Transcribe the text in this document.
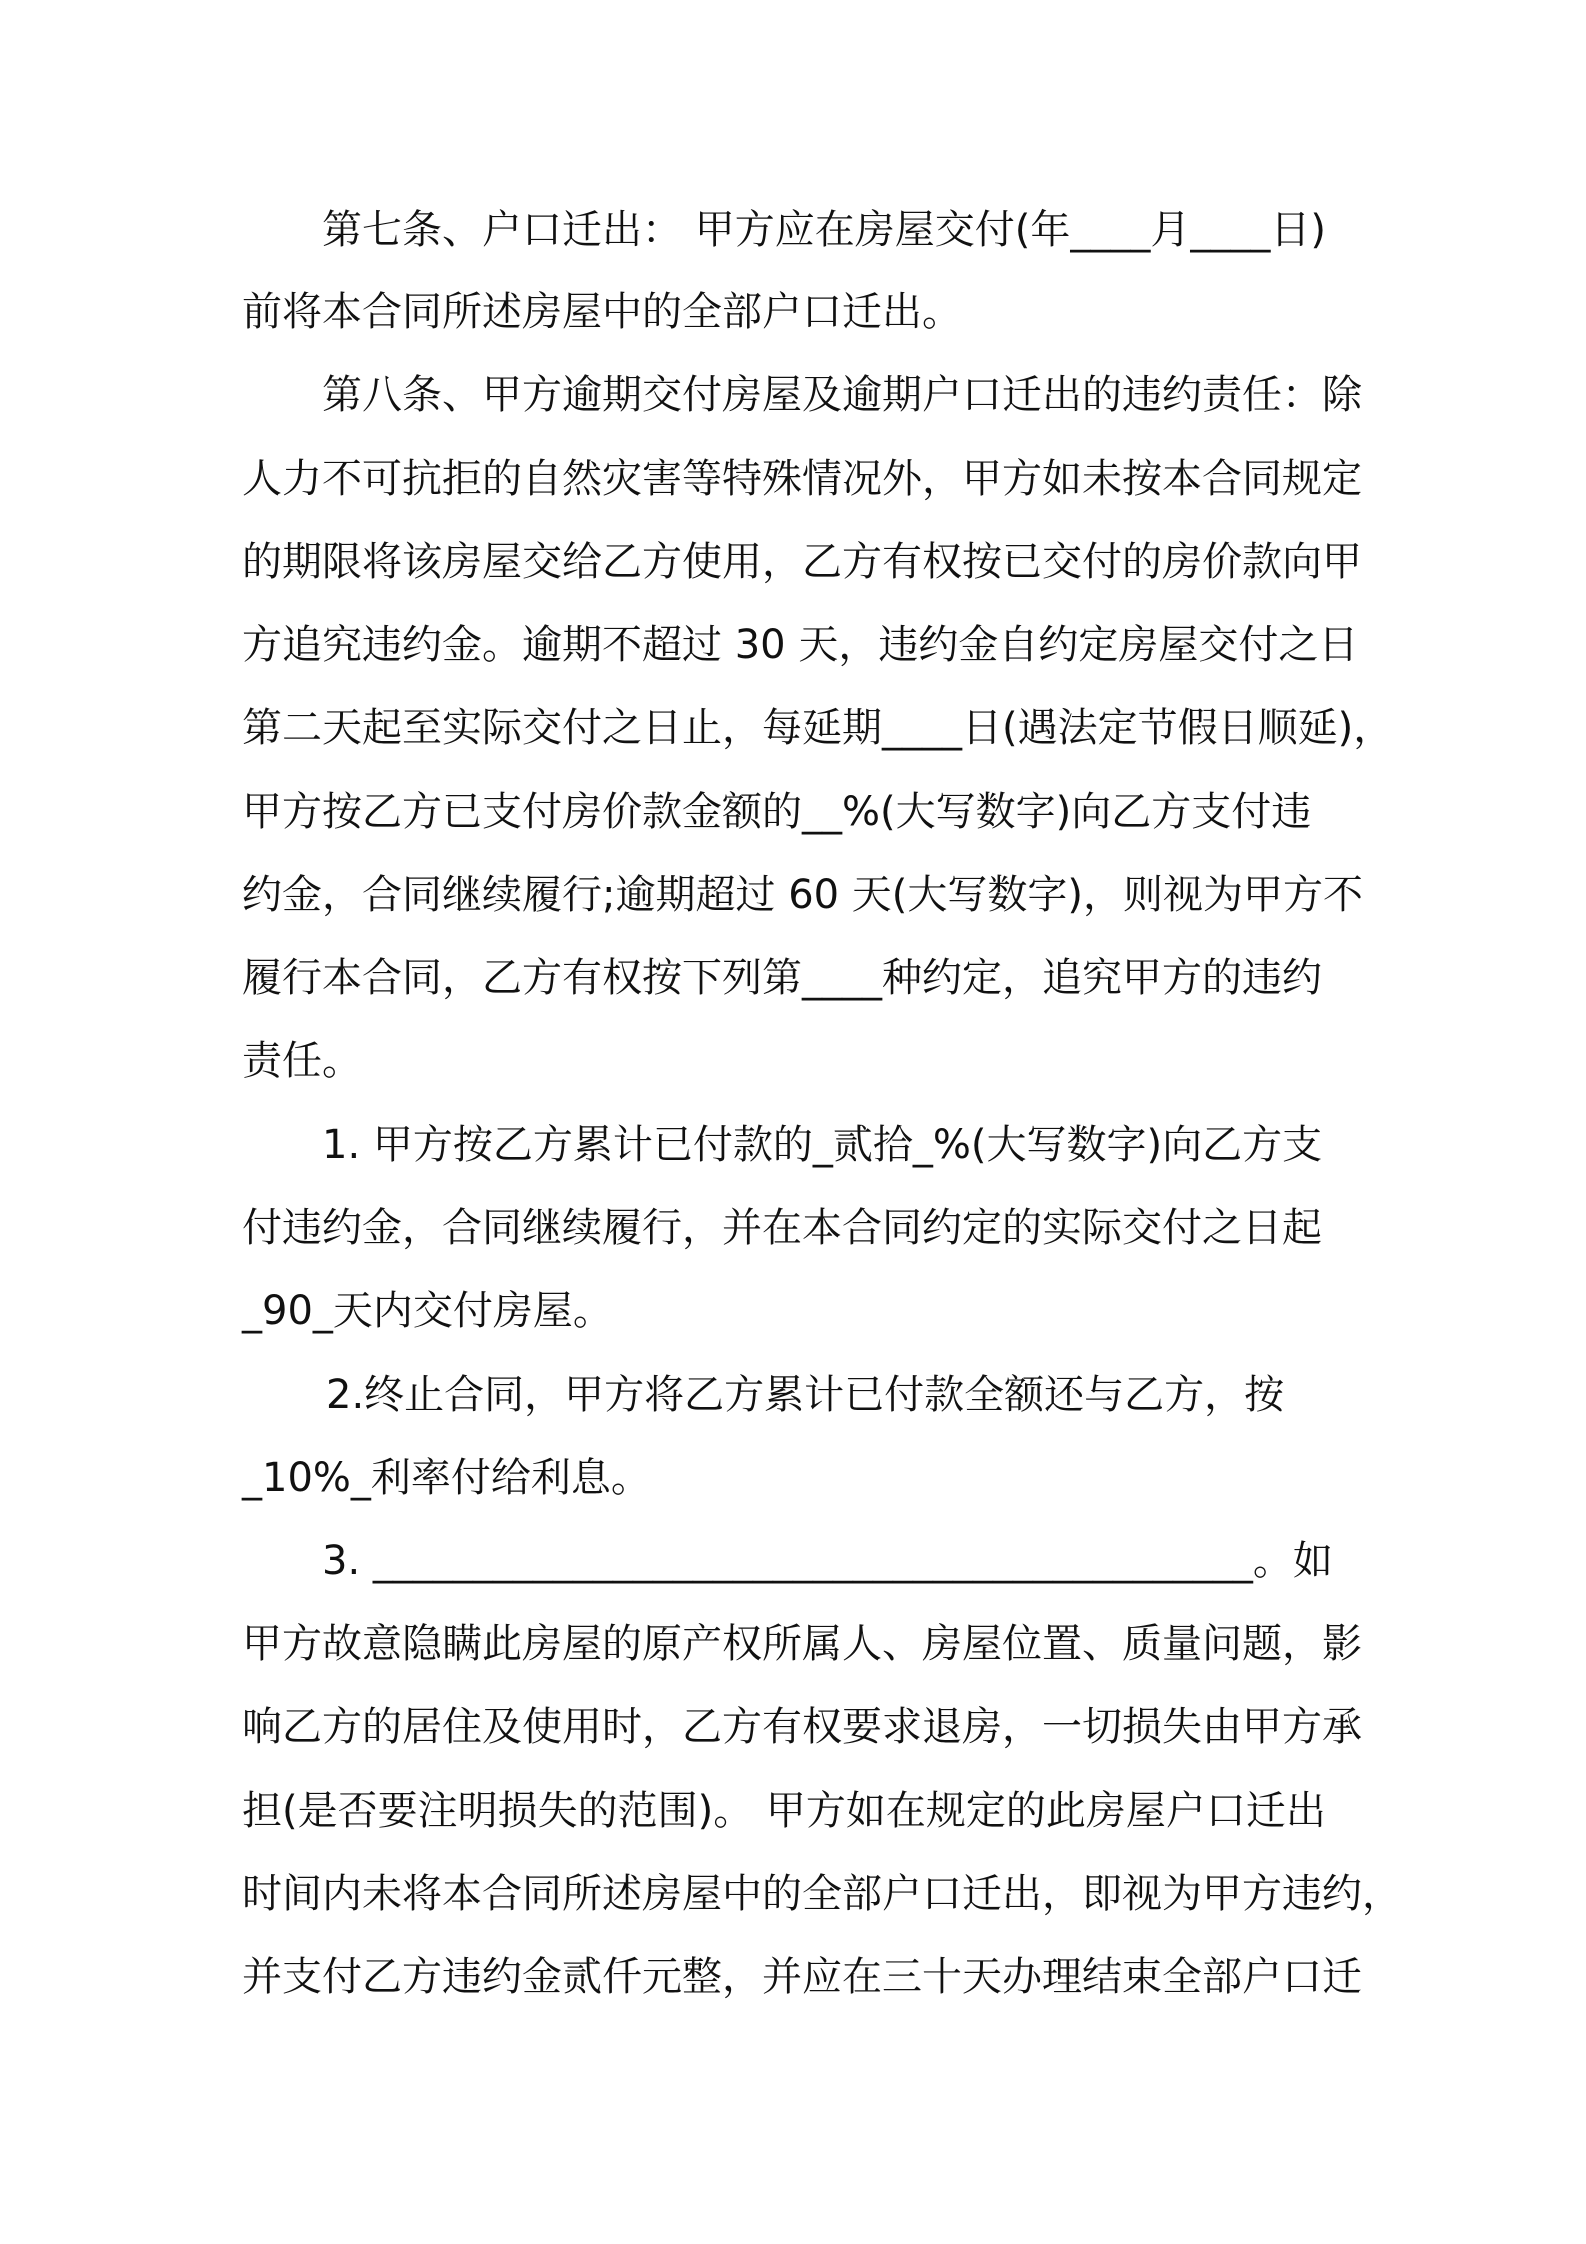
第七条、户口迁出： 甲方应在房屋交付(年____月____日)
前将本合同所述房屋中的全部户口迁出。
第八条、甲方逾期交付房屋及逾期户口迁出的违约责任：除
人力不可抗拒的自然灾害等特殊情况外，甲方如未按本合同规定
的期限将该房屋交给乙方使用，乙方有权按已交付的房价款向甲
方追究违约金。逾期不超过 30 天，违约金自约定房屋交付之日
第二天起至实际交付之日止，每延期____日(遇法定节假日顺延)，
甲方按乙方已支付房价款金额的__%(大写数字)向乙方支付违
约金，合同继续履行;逾期超过 60 天(大写数字)，则视为甲方不
履行本合同，乙方有权按下列第____种约定，追究甲方的违约
责任。
1. 甲方按乙方累计已付款的_贰拾_%(大写数字)向乙方支
付违约金，合同继续履行，并在本合同约定的实际交付之日起
_90_天内交付房屋。
2.终止合同，甲方将乙方累计已付款全额还与乙方，按
_10%_利率付给利息。
3. ____________________________________________。如
甲方故意隐瞒此房屋的原产权所属人、房屋位置、质量问题，影
响乙方的居住及使用时，乙方有权要求退房，一切损失由甲方承
担(是否要注明损失的范围)。 甲方如在规定的此房屋户口迁出
时间内未将本合同所述房屋中的全部户口迁出，即视为甲方违约，
并支付乙方违约金贰仟元整，并应在三十天办理结束全部户口迁
